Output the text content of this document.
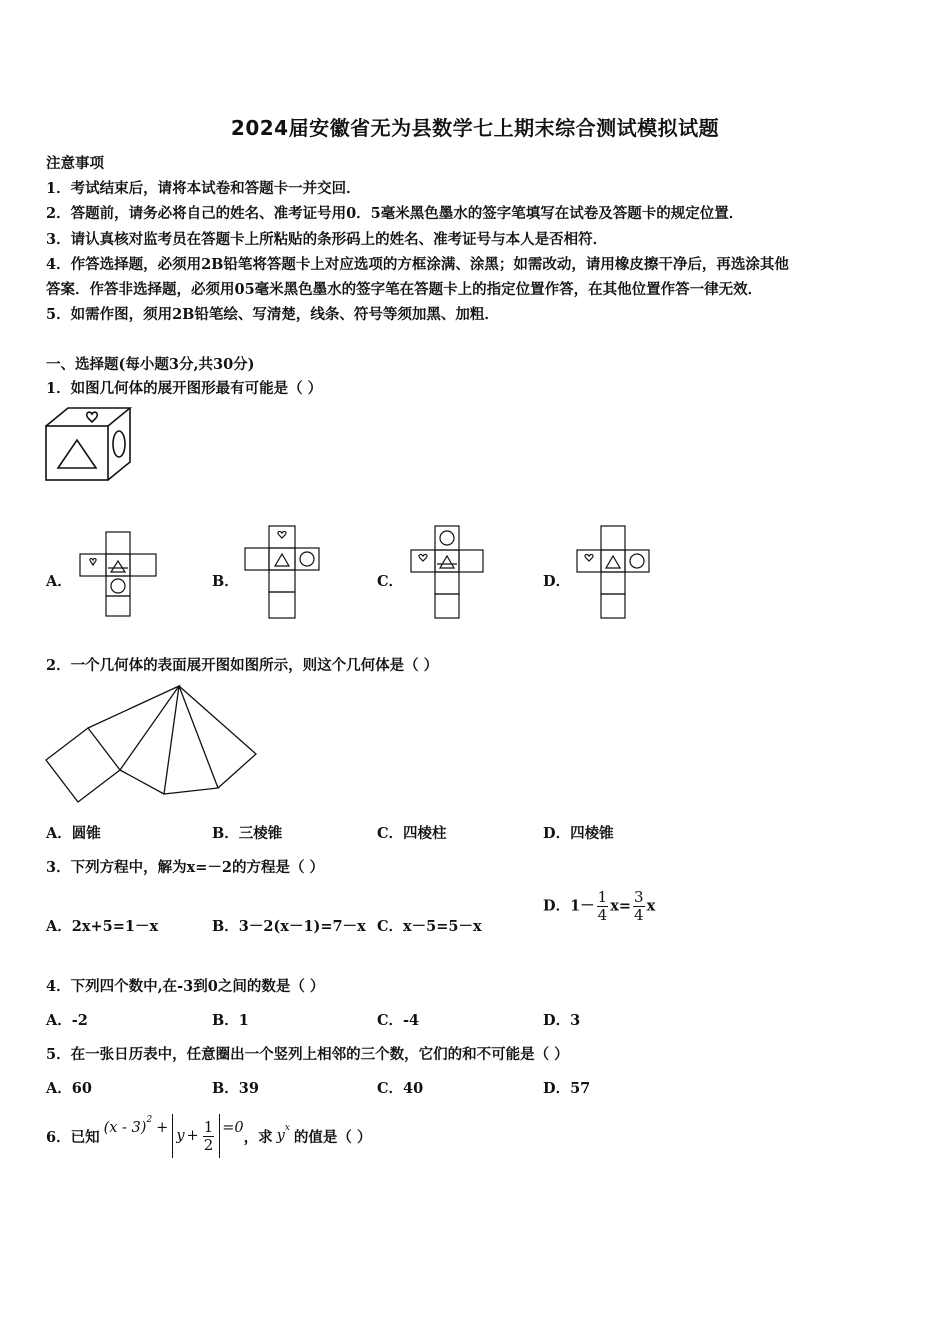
2024届安徽省无为县数学七上期末综合测试模拟试题
注意事项
1．考试结束后，请将本试卷和答题卡一并交回．
2．答题前，请务必将自己的姓名、准考证号用0．5毫米黑色墨水的签字笔填写在试卷及答题卡的规定位置．
3．请认真核对监考员在答题卡上所粘贴的条形码上的姓名、准考证号与本人是否相符．
4．作答选择题，必须用2B铅笔将答题卡上对应选项的方框涂满、涂黑；如需改动，请用橡皮擦干净后，再选涂其他
答案．作答非选择题，必须用05毫米黑色墨水的签字笔在答题卡上的指定位置作答，在其他位置作答一律无效．
5．如需作图，须用2B铅笔绘、写清楚，线条、符号等须加黑、加粗．
一、选择题(每小题3分,共30分)
1．如图几何体的展开图形最有可能是（ ）
A．	B．	C．	D．
2．一个几何体的表面展开图如图所示，则这个几何体是（ ）
A．圆锥	B．三棱锥	C．四棱柱	D．四棱锥
3．下列方程中，解为x=－2的方程是（ ）
A．2x+5=1－x	B．3－2(x－1)=7－x C．x－5=5－x
D．$1- \frac{1}{4} x= \frac{3}{4}$ x
4．下列四个数中,在-3到0之间的数是（ ）
A．-2	B．1	C．-4	D．3
5．在一张日历表中，任意圈出一个竖列上相邻的三个数，它们的和不可能是（ ）
A．60	B．39	C．40	D．57
6．已知
(x - 3) $2 + y + \frac{1}{2} =0$
，求 y x
的值是（ ）
